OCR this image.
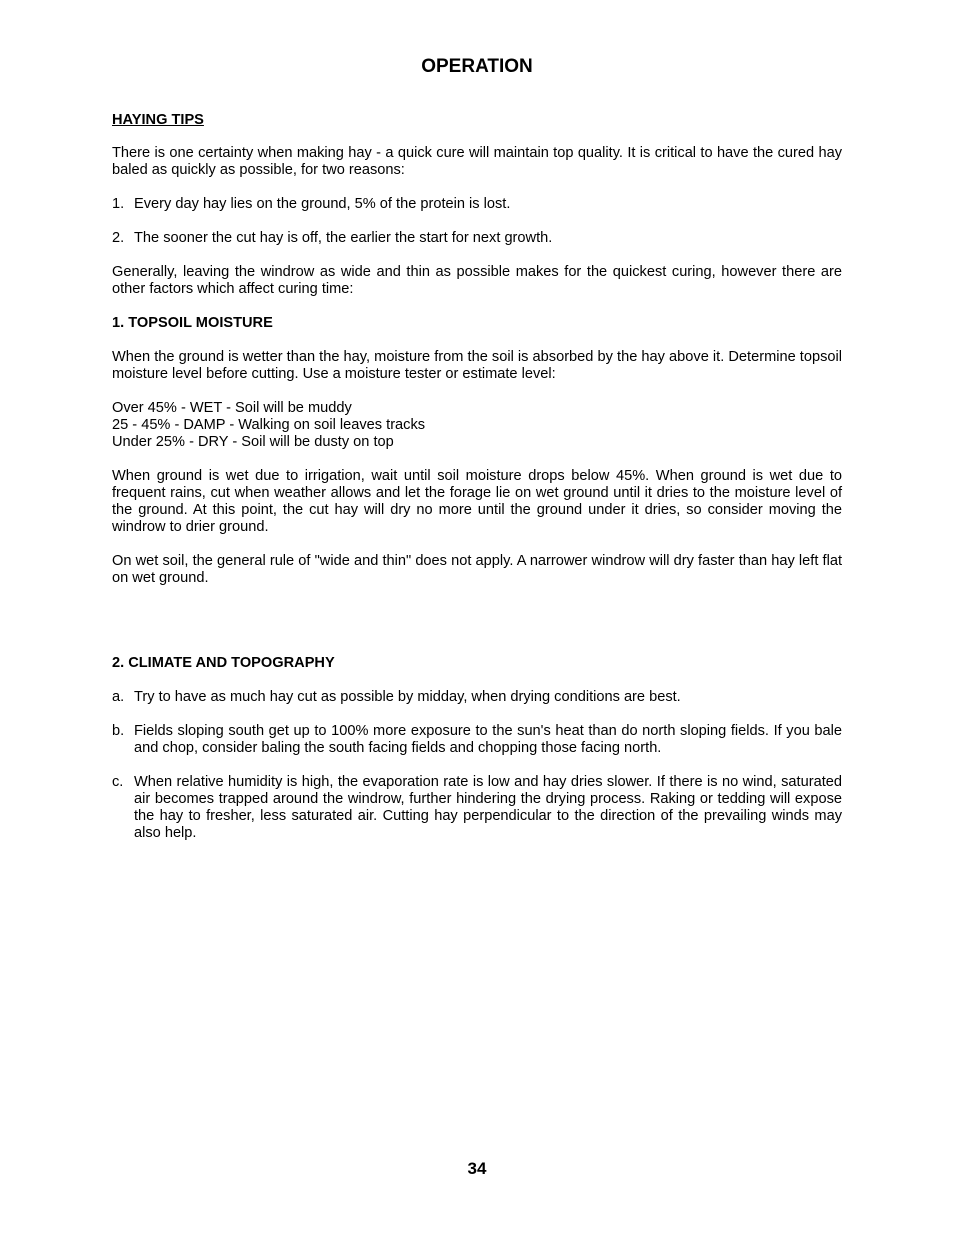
OPERATION
HAYING TIPS

There is one certainty when making hay - a quick cure will maintain top quality. It is critical to have the cured hay baled as quickly as possible, for two reasons:

1. Every day hay lies on the ground, 5% of the protein is lost.
2. The sooner the cut hay is off, the earlier the start for next growth.

Generally, leaving the windrow as wide and thin as possible makes for the quickest curing, however there are other factors which affect curing time:

1. TOPSOIL MOISTURE

When the ground is wetter than the hay, moisture from the soil is absorbed by the hay above it. Determine topsoil moisture level before cutting. Use a moisture tester or estimate level:

Over 45% - WET - Soil will be muddy
25 - 45% - DAMP - Walking on soil leaves tracks
Under 25% - DRY - Soil will be dusty on top

When ground is wet due to irrigation, wait until soil moisture drops below 45%. When ground is wet due to frequent rains, cut when weather allows and let the forage lie on wet ground until it dries to the moisture level of the ground. At this point, the cut hay will dry no more until the ground under it dries, so consider moving the windrow to drier ground.

On wet soil, the general rule of "wide and thin" does not apply. A narrower windrow will dry faster than hay left flat on wet ground.

2. CLIMATE AND TOPOGRAPHY
a. Try to have as much hay cut as possible by midday, when drying conditions are best.
b. Fields sloping south get up to 100% more exposure to the sun's heat than do north sloping fields. If you bale and chop, consider baling the south facing fields and chopping those facing north.
c. When relative humidity is high, the evaporation rate is low and hay dries slower. If there is no wind, saturated air becomes trapped around the windrow, further hindering the drying process. Raking or tedding will expose the hay to fresher, less saturated air. Cutting hay perpendicular to the direction of the prevailing winds may also help.
34
